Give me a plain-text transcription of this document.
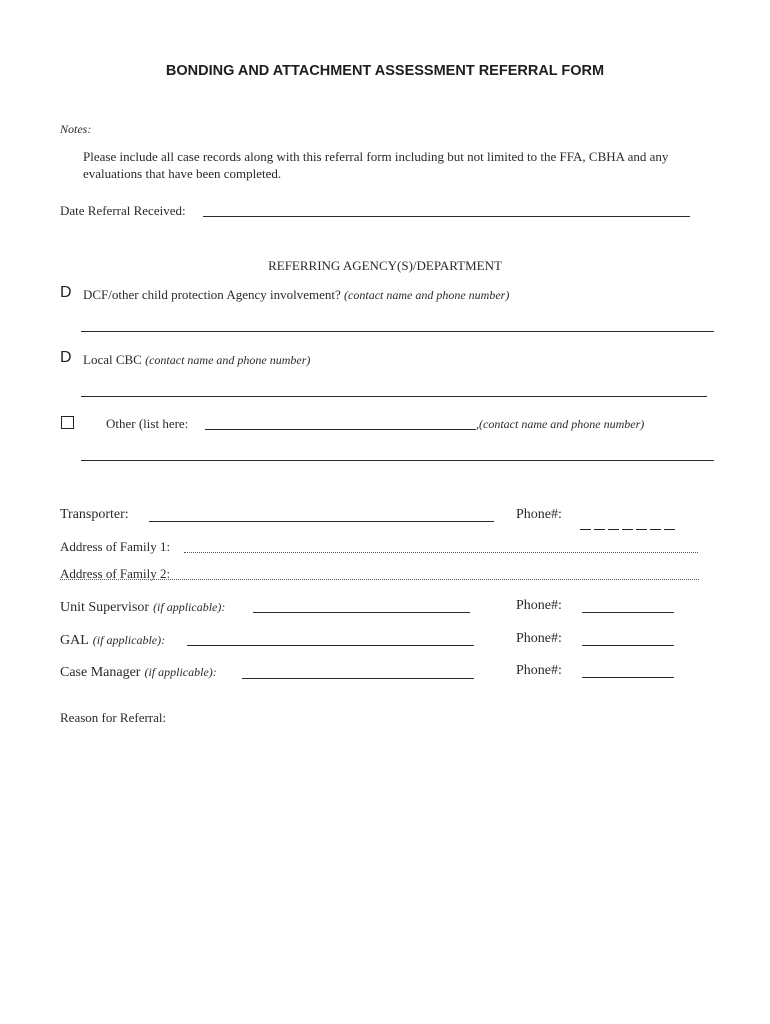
BONDING AND ATTACHMENT ASSESSMENT REFERRAL FORM
Notes:
Please include all case records along with this referral form including but not limited to the FFA, CBHA and any evaluations that have been completed.
Date Referral Received:
REFERRING AGENCY(S)/DEPARTMENT
D DCF/other child protection Agency involvement? (contact name and phone number)
D Local CBC (contact name and phone number)
Other (list here:	,(contact name and phone number)
Transporter:	Phone#:
Address of Family 1:
Address of Family 2:
Unit Supervisor (if applicable):	Phone#:
GAL (if applicable):	Phone#:
Case Manager (if applicable):	Phone#:
Reason for Referral:
